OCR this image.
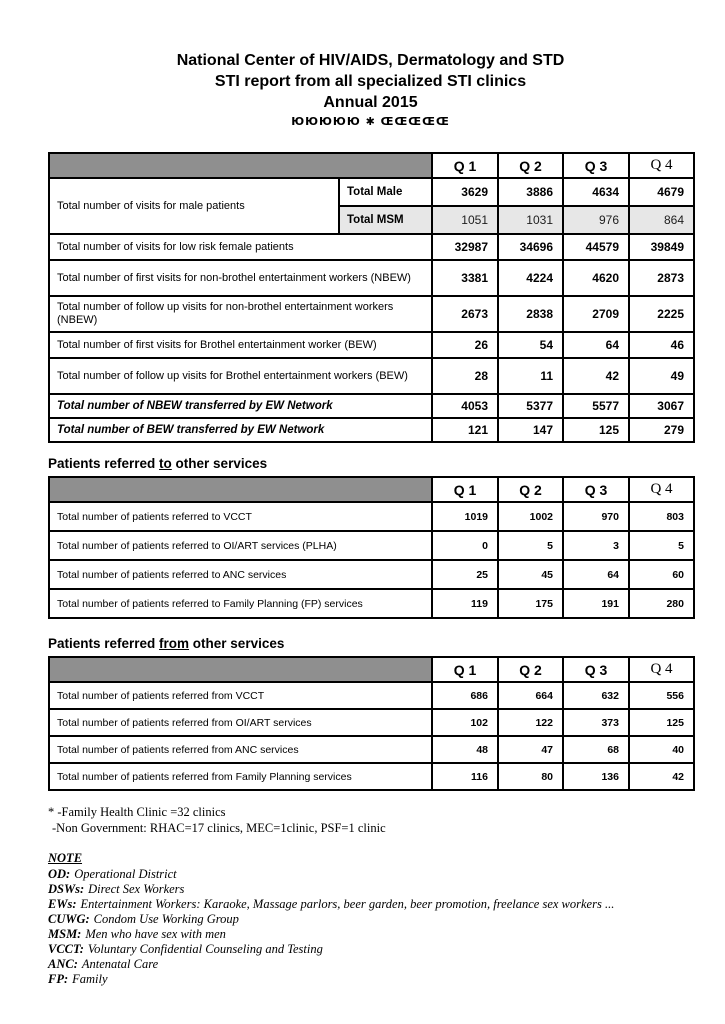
National Center of HIV/AIDS, Dermatology and STD
STI report from all specialized STI clinics
Annual 2015
ЮЮЮЮЮ ✱ ŒŒŒŒŒ
		Q 1	Q 2	Q 3	Q 4
Total number of visits for male patients	Total Male	3629	3886	4634	4679
	Total MSM	1051	1031	976	864
Total number of visits for low risk female patients		32987	34696	44579	39849
Total number of first visits for non-brothel entertainment workers (NBEW)		3381	4224	4620	2873
Total number of follow up visits for non-brothel entertainment workers (NBEW)		2673	2838	2709	2225
Total number of first visits for Brothel entertainment worker (BEW)		26	54	64	46
Total number of follow up visits for Brothel entertainment workers (BEW)		28	11	42	49
Total number of NBEW transferred by EW Network		4053	5377	5577	3067
Total number of BEW transferred by EW Network		121	147	125	279
Patients referred to other services
	Q 1	Q 2	Q 3	Q 4
Total number of patients referred to VCCT	1019	1002	970	803
Total number of patients referred to OI/ART services (PLHA)	0	5	3	5
Total number of patients referred to ANC services	25	45	64	60
Total number of patients referred to Family Planning (FP) services	119	175	191	280
Patients referred from other services
	Q 1	Q 2	Q 3	Q 4
Total number of patients referred from VCCT	686	664	632	556
Total number of patients referred from OI/ART services	102	122	373	125
Total number of patients referred from ANC services	48	47	68	40
Total number of patients referred from Family Planning services	116	80	136	42
* -Family Health Clinic =32 clinics
-Non Government: RHAC=17 clinics, MEC=1clinic, PSF=1 clinic
NOTE
OD: Operational District
DSWs: Direct Sex Workers
EWs: Entertainment Workers: Karaoke, Massage parlors, beer garden, beer promotion, freelance sex workers ...
CUWG: Condom Use Working Group
MSM: Men who have sex with men
VCCT: Voluntary Confidential Counseling and Testing
ANC: Antenatal Care
FP: Family
